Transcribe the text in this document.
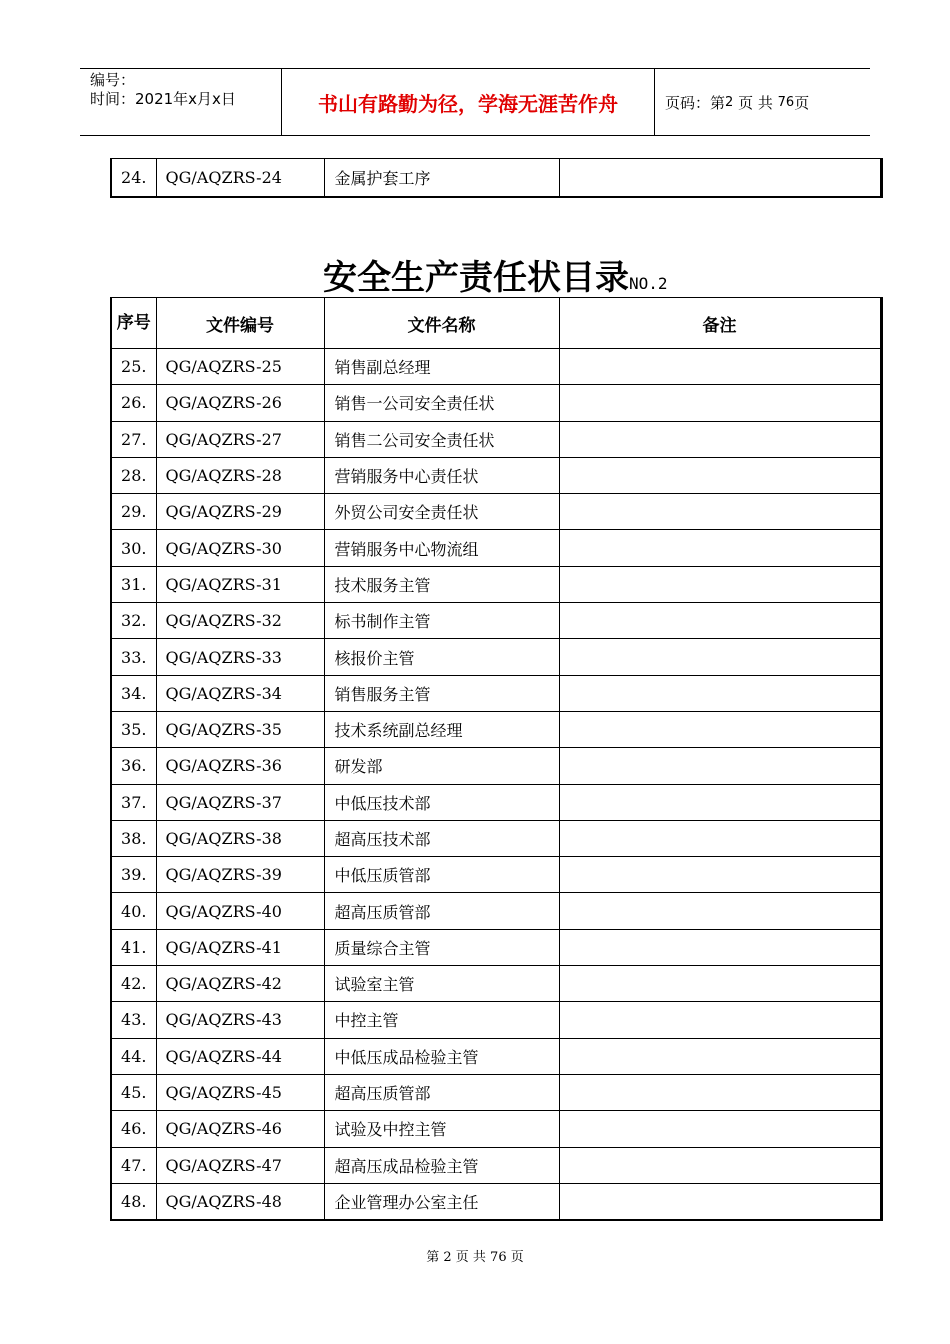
编号：
时间：2021年x月x日	书山有路勤为径，学海无涯苦作舟	页码：第 2
页 共
76 页
24.	QG/AQZRS-24	金属护套工序	
安全生产责任状目录NO.2
序号	文件编号	文件名称	备注
25.	QG/AQZRS-25	销售副总经理	
26.	QG/AQZRS-26	销售一公司安全责任状	
27.	QG/AQZRS-27	销售二公司安全责任状	
28.	QG/AQZRS-28	营销服务中心责任状	
29.	QG/AQZRS-29	外贸公司安全责任状	
30.	QG/AQZRS-30	营销服务中心物流组	
31.	QG/AQZRS-31	技术服务主管	
32.	QG/AQZRS-32	标书制作主管	
33.	QG/AQZRS-33	核报价主管	
34.	QG/AQZRS-34	销售服务主管	
35.	QG/AQZRS-35	技术系统副总经理	
36.	QG/AQZRS-36	研发部	
37.	QG/AQZRS-37	中低压技术部	
38.	QG/AQZRS-38	超高压技术部	
39.	QG/AQZRS-39	中低压质管部	
40.	QG/AQZRS-40	超高压质管部	
41.	QG/AQZRS-41	质量综合主管	
42.	QG/AQZRS-42	试验室主管	
43.	QG/AQZRS-43	中控主管	
44.	QG/AQZRS-44	中低压成品检验主管	
45.	QG/AQZRS-45	超高压质管部	
46.	QG/AQZRS-46	试验及中控主管	
47.	QG/AQZRS-47	超高压成品检验主管	
48.	QG/AQZRS-48	企业管理办公室主任	
第 2 页 共 76 页
